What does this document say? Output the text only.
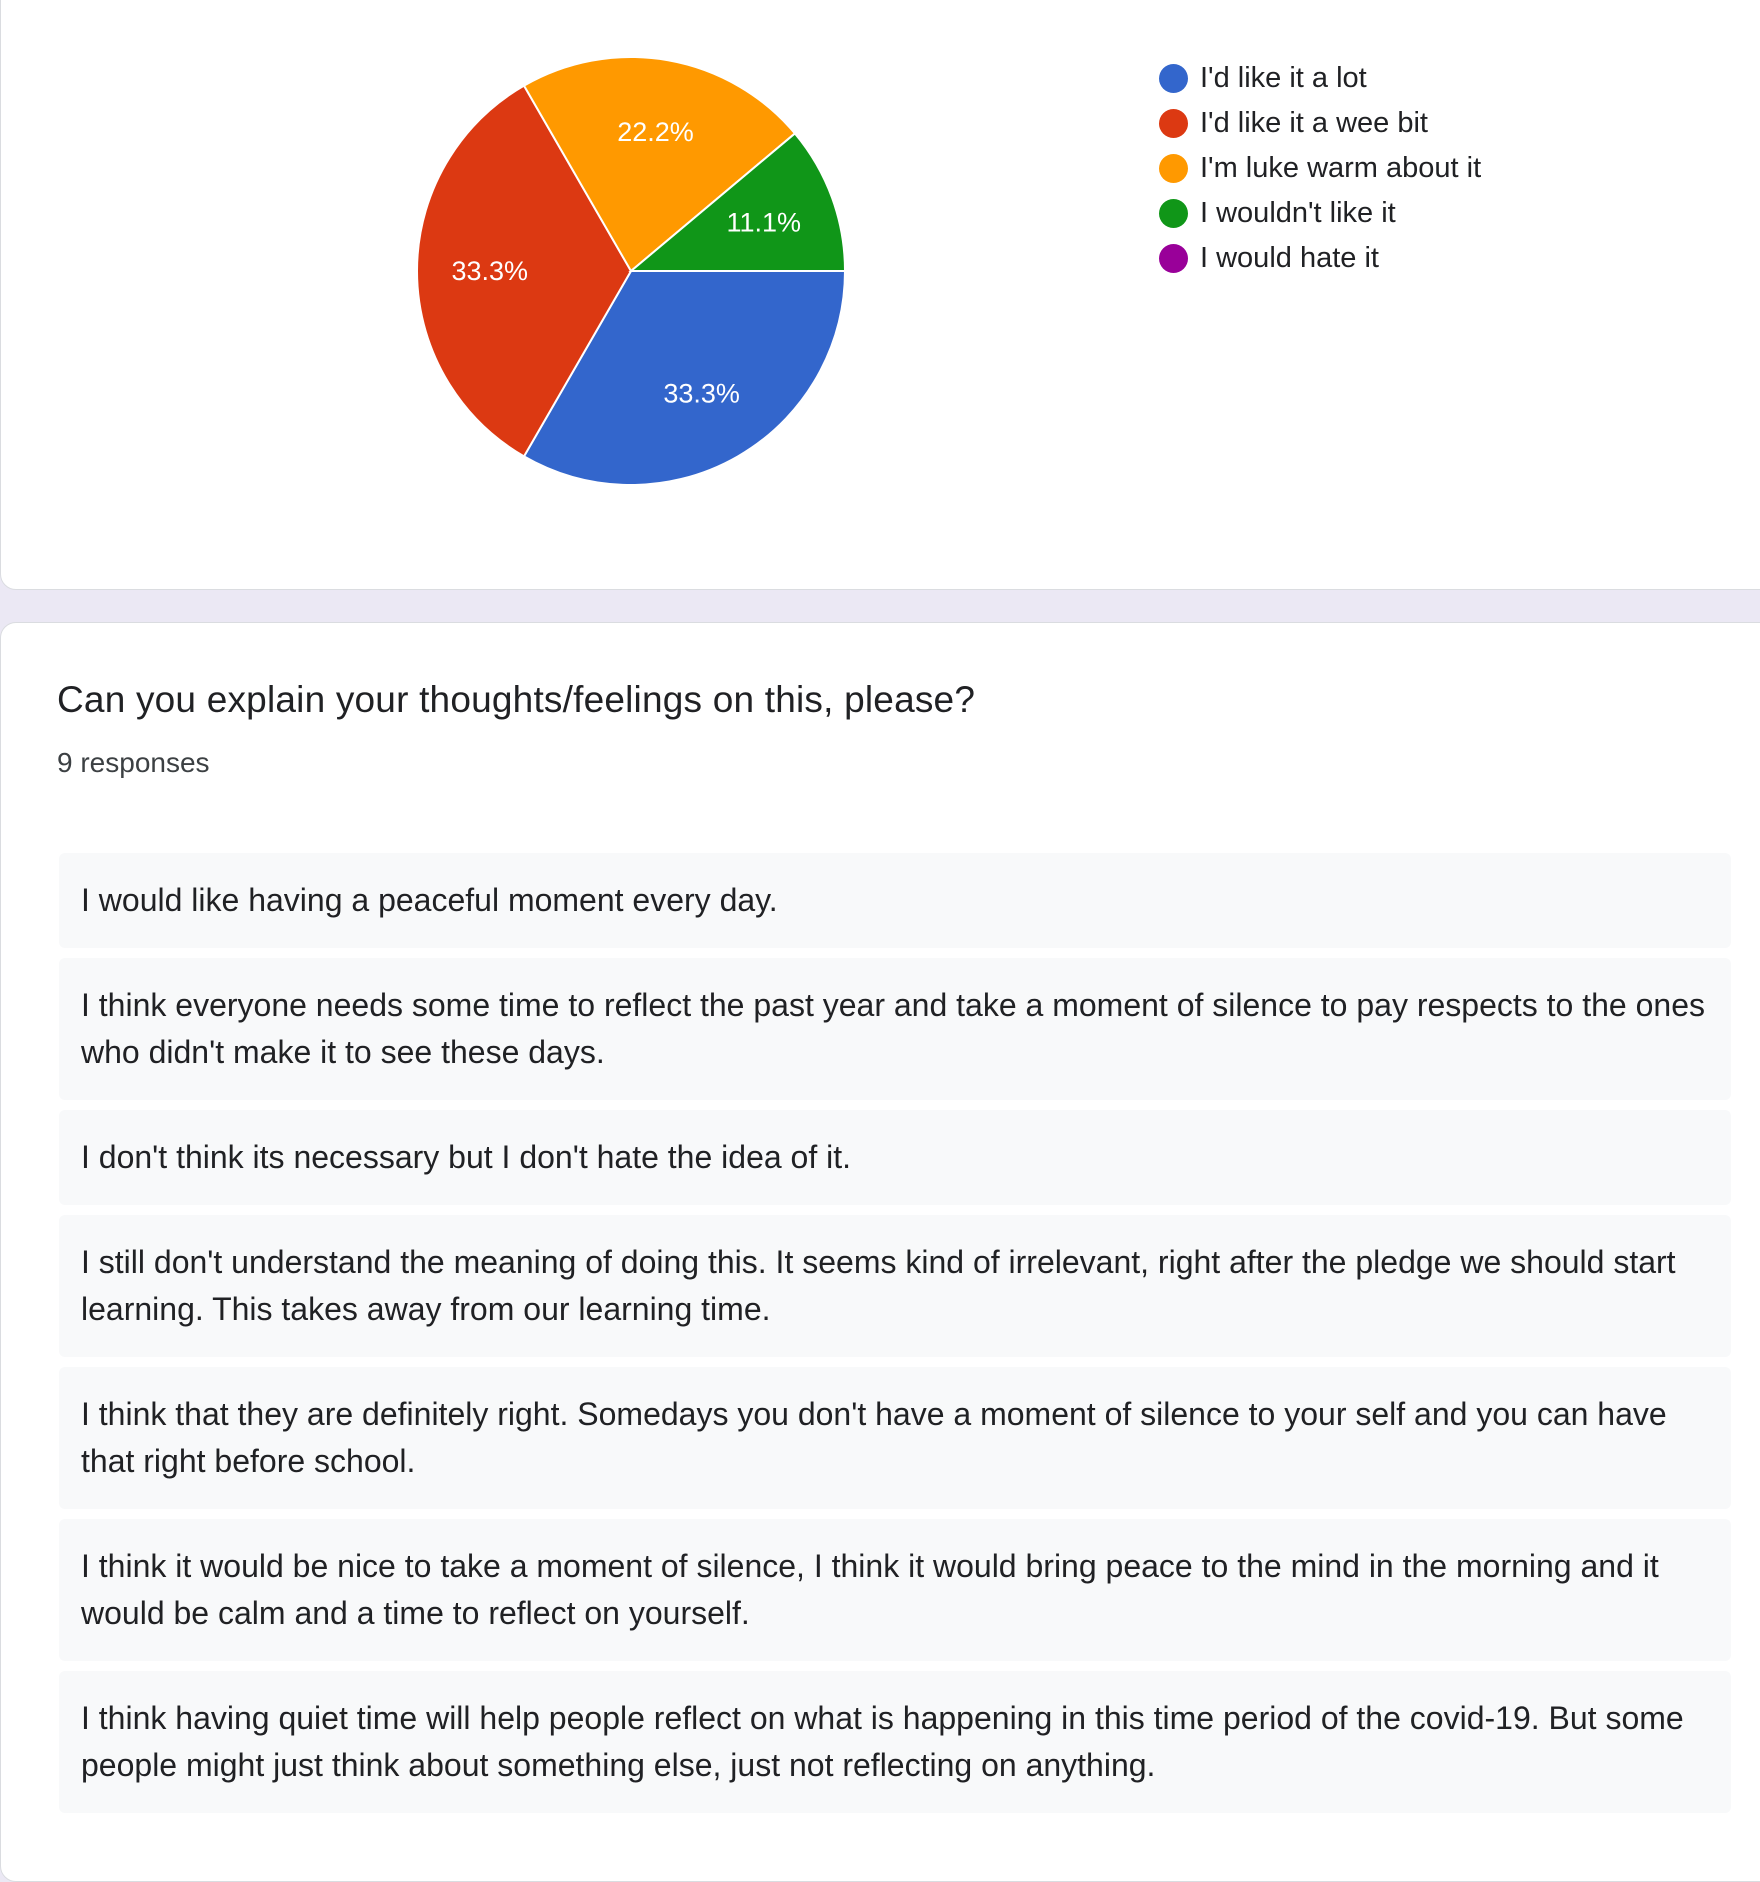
33.3%
33.3%
22.2%
11.1%
I'd like it a lot
I'd like it a wee bit
I'm luke warm about it
I wouldn't like it
I would hate it
Can you explain your thoughts/feelings on this, please?
9 responses
I would like having a peaceful moment every day.
I think everyone needs some time to reflect the past year and take a moment of silence to pay respects to the ones who didn't make it to see these days.
I don't think its necessary but I don't hate the idea of it.
I still don't understand the meaning of doing this. It seems kind of irrelevant, right after the pledge we should start learning. This takes away from our learning time.
I think that they are definitely right. Somedays you don't have a moment of silence to your self and you can have that right before school.
I think it would be nice to take a moment of silence, I think it would bring peace to the mind in the morning and it would be calm and a time to reflect on yourself.
I think having quiet time will help people reflect on what is happening in this time period of the covid-19. But some people might just think about something else, just not reflecting on anything.
